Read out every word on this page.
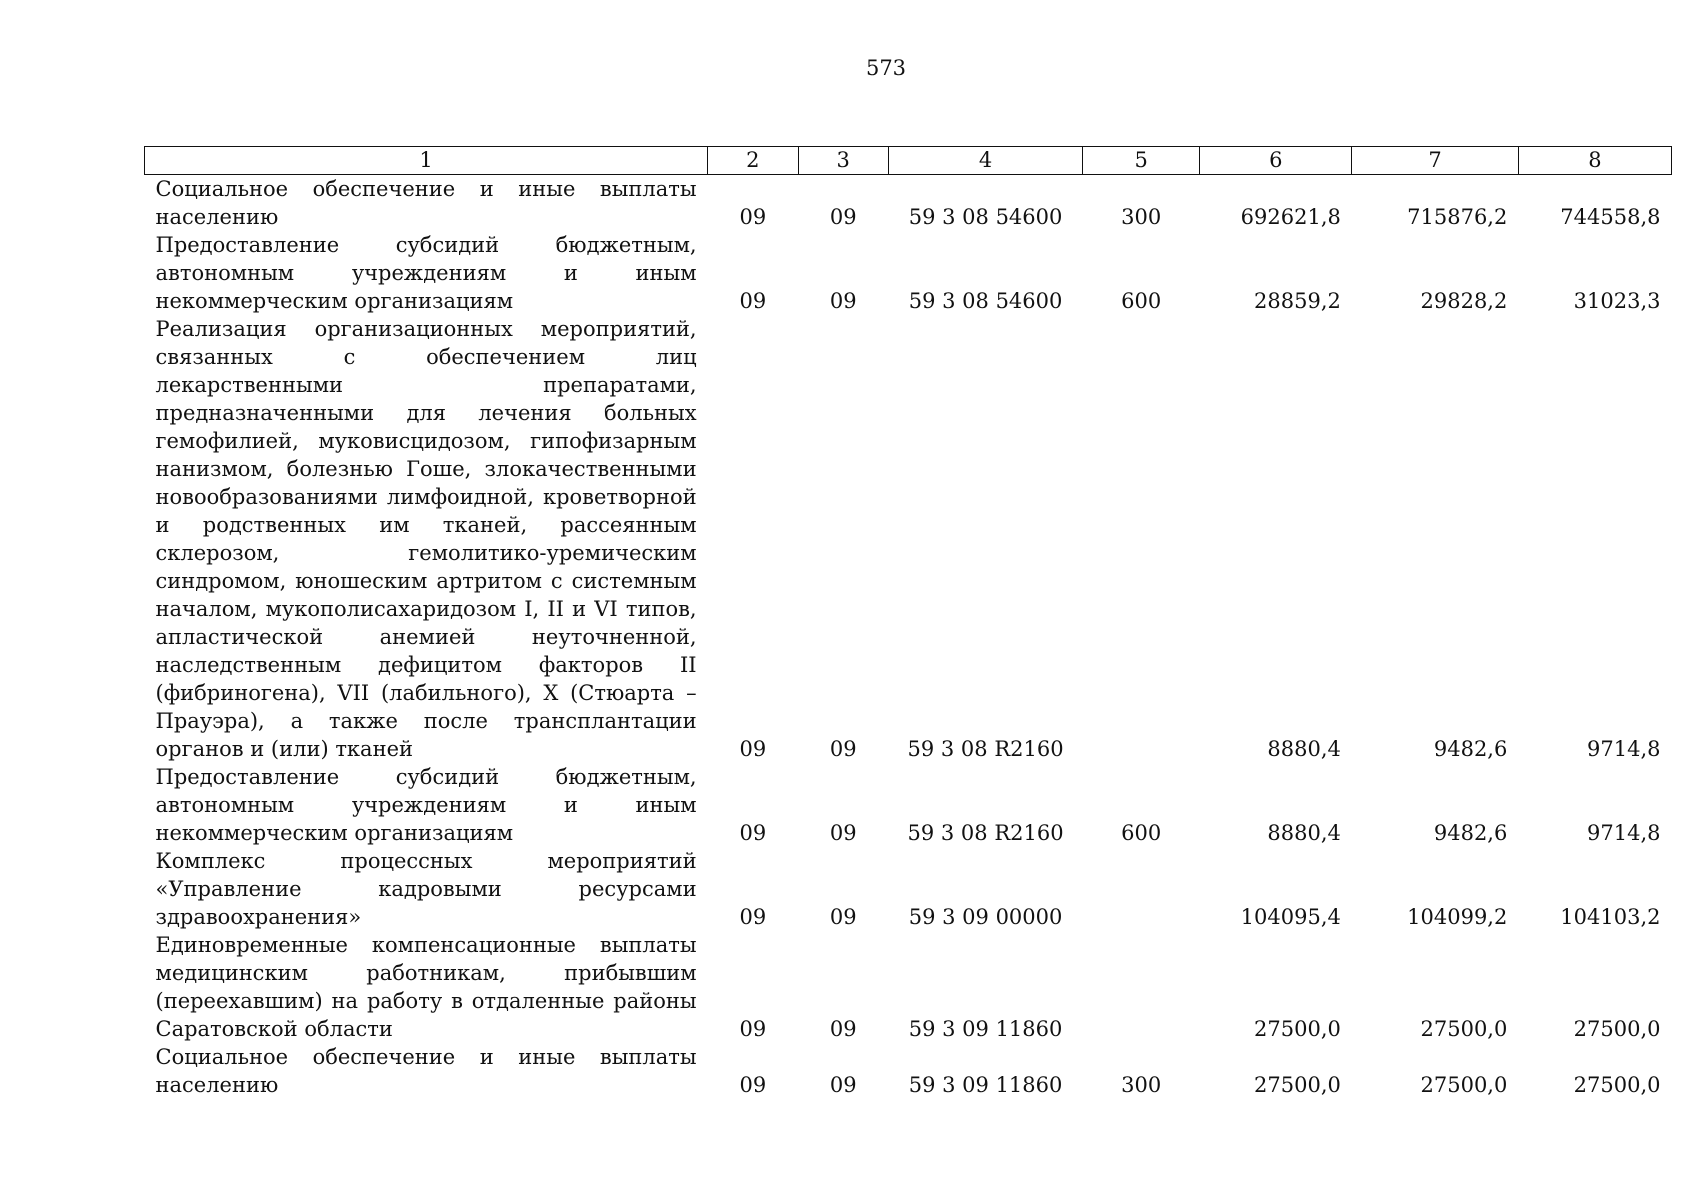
573
1	2	3	4	5	6	7	8
Социальное обеспечение и иные выплаты населению	09	09	59 3 08 54600	300	692621,8	715876,2	744558,8
Предоставление субсидий бюджетным, автономным учреждениям и иным некоммерческим организациям	09	09	59 3 08 54600	600	28859,2	29828,2	31023,3
Реализация организационных мероприятий, связанных с обеспечением лиц лекарственными препаратами, предназначенными для лечения больных гемофилией, муковисцидозом, гипофизарным нанизмом, болезнью Гоше, злокачественными новообразованиями лимфоидной, кроветворной и родственных им тканей, рассеянным склерозом, гемолитико-уремическим синдромом, юношеским артритом с системным началом, мукополисахаридозом I, II и VI типов, апластической анемией неуточненной, наследственным дефицитом факторов II (фибриногена), VII (лабильного), X (Стюарта – Прауэра), а также после трансплантации органов и (или) тканей	09	09	59 3 08 R2160		8880,4	9482,6	9714,8
Предоставление субсидий бюджетным, автономным учреждениям и иным некоммерческим организациям	09	09	59 3 08 R2160	600	8880,4	9482,6	9714,8
Комплекс процессных мероприятий «Управление кадровыми ресурсами здравоохранения»	09	09	59 3 09 00000		104095,4	104099,2	104103,2
Единовременные компенсационные выплаты медицинским работникам, прибывшим (переехавшим) на работу в отдаленные районы Саратовской области	09	09	59 3 09 11860		27500,0	27500,0	27500,0
Социальное обеспечение и иные выплаты населению	09	09	59 3 09 11860	300	27500,0	27500,0	27500,0
